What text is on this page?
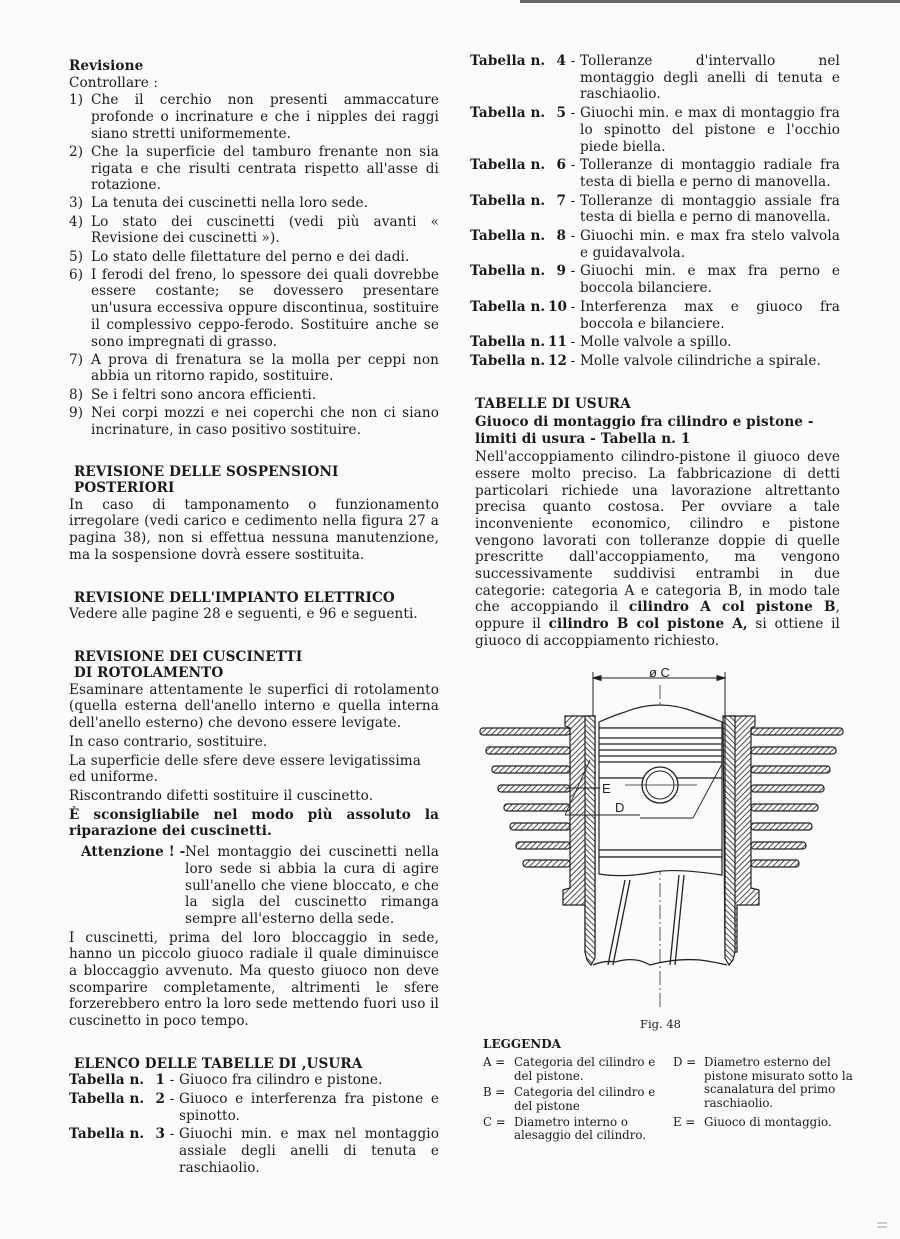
Revisione

Controllare :

1) Che il cerchio non presenti ammaccature profonde o incrinature e che i nipples dei raggi siano stretti uniformemente.
2) Che la superficie del tamburo frenante non sia rigata e che risulti centrata rispetto all'asse di rotazione.
3) La tenuta dei cuscinetti nella loro sede.
4) Lo stato dei cuscinetti (vedi più avanti « Revisione dei cuscinetti »).
5) Lo stato delle filettature del perno e dei dadi.
6) I ferodi del freno, lo spessore dei quali dovrebbe essere costante; se dovessero presentare un'usura eccessiva oppure discontinua, sostituire il complessivo ceppo-ferodo. Sostituire anche se sono impregnati di grasso.
7) A prova di frenatura se la molla per ceppi non abbia un ritorno rapido, sostituire.
8) Se i feltri sono ancora efficienti.
9) Nei corpi mozzi e nei coperchi che non ci siano incrinature, in caso positivo sostituire.
REVISIONE DELLE SOSPENSIONI
POSTERIORI

In caso di tamponamento o funzionamento irregolare (vedi carico e cedimento nella figura 27 a pagina 38), non si effettua nessuna manutenzione, ma la sospensione dovrà essere sostituita.

REVISIONE DELL'IMPIANTO ELETTRICO

Vedere alle pagine 28 e seguenti, e 96 e seguenti.

REVISIONE DEI CUSCINETTI
DI ROTOLAMENTO

Esaminare attentamente le superfici di rotolamento (quella esterna dell'anello interno e quella interna dell'anello esterno) che devono essere levigate.

In caso contrario, sostituire.

La superficie delle sfere deve essere levigatissima ed uniforme.

Riscontrando difetti sostituire il cuscinetto.

È sconsigliabile nel modo più assoluto la riparazione dei cuscinetti.

Attenzione ! - Nel montaggio dei cuscinetti nella loro sede si abbia la cura di agire sull'anello che viene bloccato, e che la sigla del cuscinetto rimanga sempre all'esterno della sede.

I cuscinetti, prima del loro bloccaggio in sede, hanno un piccolo giuoco radiale il quale diminuisce a bloccaggio avvenuto. Ma questo giuoco non deve scomparire completamente, altrimenti le sfere forzerebbero entro la loro sede mettendo fuori uso il cuscinetto in poco tempo.

ELENCO DELLE TABELLE DI ,USURA
Tabella n. 1 - Giuoco fra cilindro e pistone.
Tabella n. 2 - Giuoco e interferenza fra pistone e spinotto.
Tabella n. 3 - Giuochi min. e max nel montaggio assiale degli anelli di tenuta e raschiaolio.
Tabella n. 4 - Tolleranze d'intervallo nel montaggio degli anelli di tenuta e raschiaolio.
Tabella n. 5 - Giuochi min. e max di montaggio fra lo spinotto del pistone e l'occhio piede biella.
Tabella n. 6 - Tolleranze di montaggio radiale fra testa di biella e perno di manovella.
Tabella n. 7 - Tolleranze di montaggio assiale fra testa di biella e perno di manovella.
Tabella n. 8 - Giuochi min. e max fra stelo valvola e guidavalvola.
Tabella n. 9 - Giuochi min. e max fra perno e boccola bilanciere.
Tabella n. 10 - Interferenza max e giuoco fra boccola e bilanciere.
Tabella n. 11 - Molle valvole a spillo.
Tabella n. 12 - Molle valvole cilindriche a spirale.
TABELLE DI USURA
Giuoco di montaggio fra cilindro e pistone - limiti di usura - Tabella n. 1

Nell'accoppiamento cilindro-pistone il giuoco deve essere molto preciso. La fabbricazione di detti particolari richiede una lavorazione altrettanto precisa quanto costosa. Per ovviare a tale inconveniente economico, cilindro e pistone vengono lavorati con tolleranze doppie di quelle prescritte dall'accoppiamento, ma vengono successivamente suddivisi entrambi in due categorie: categoria A e categoria B, in modo tale che accoppiando il cilindro A col pistone B, oppure il cilindro B col pistone A, si ottiene il giuoco di accoppiamento richiesto.

ø C
E
D
Fig. 48
LEGGENDA
A = Categoria del cilindro e del pistone.
B = Categoria del cilindro e del pistone
C = Diametro interno o alesaggio del cilindro.
D = Diametro esterno del pistone misurato sotto la scanalatura del primo raschiaolio.
E = Giuoco di montaggio.
